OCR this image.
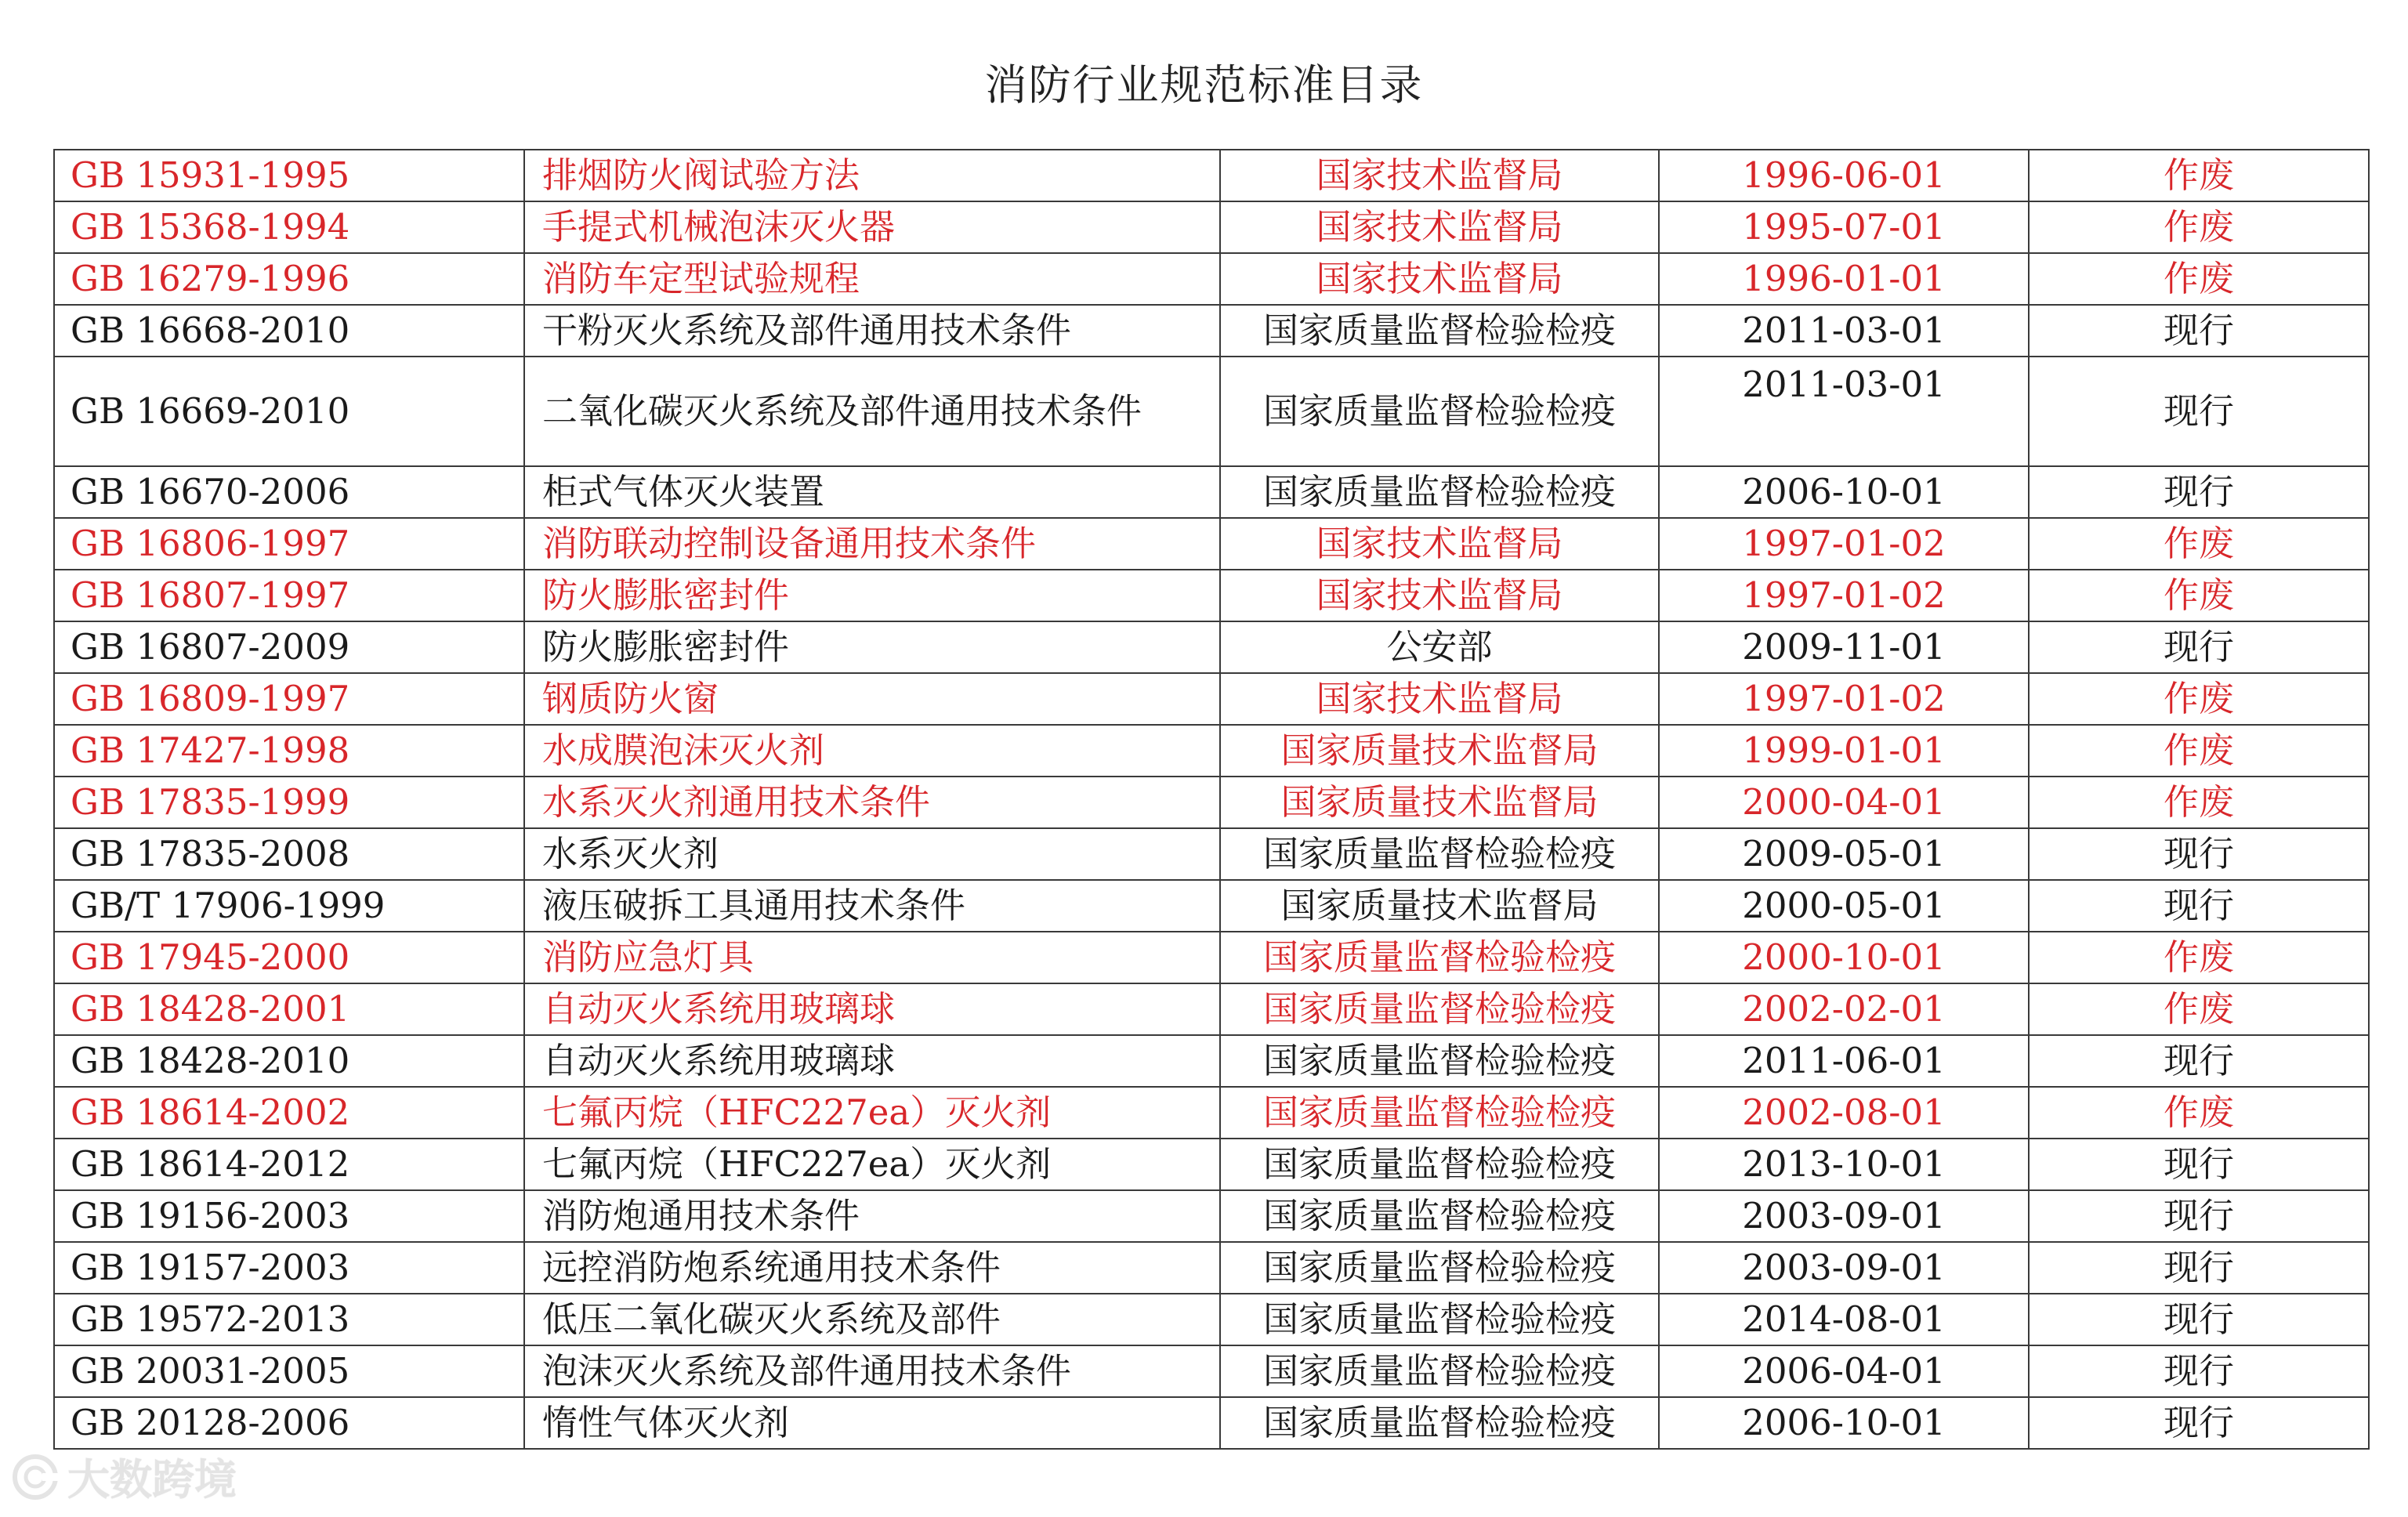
消防行业规范标准目录
GB 15931-1995	排烟防火阀试验方法	国家技术监督局	1996-06-01	作废
GB 15368-1994	手提式机械泡沫灭火器	国家技术监督局	1995-07-01	作废
GB 16279-1996	消防车定型试验规程	国家技术监督局	1996-01-01	作废
GB 16668-2010	干粉灭火系统及部件通用技术条件	国家质量监督检验检疫	2011-03-01	现行
GB 16669-2010	二氧化碳灭火系统及部件通用技术条件	国家质量监督检验检疫	2011-03-01	现行
GB 16670-2006	柜式气体灭火装置	国家质量监督检验检疫	2006-10-01	现行
GB 16806-1997	消防联动控制设备通用技术条件	国家技术监督局	1997-01-02	作废
GB 16807-1997	防火膨胀密封件	国家技术监督局	1997-01-02	作废
GB 16807-2009	防火膨胀密封件	公安部	2009-11-01	现行
GB 16809-1997	钢质防火窗	国家技术监督局	1997-01-02	作废
GB 17427-1998	水成膜泡沫灭火剂	国家质量技术监督局	1999-01-01	作废
GB 17835-1999	水系灭火剂通用技术条件	国家质量技术监督局	2000-04-01	作废
GB 17835-2008	水系灭火剂	国家质量监督检验检疫	2009-05-01	现行
GB/T 17906-1999	液压破拆工具通用技术条件	国家质量技术监督局	2000-05-01	现行
GB 17945-2000	消防应急灯具	国家质量监督检验检疫	2000-10-01	作废
GB 18428-2001	自动灭火系统用玻璃球	国家质量监督检验检疫	2002-02-01	作废
GB 18428-2010	自动灭火系统用玻璃球	国家质量监督检验检疫	2011-06-01	现行
GB 18614-2002	七氟丙烷（HFC227ea）灭火剂	国家质量监督检验检疫	2002-08-01	作废
GB 18614-2012	七氟丙烷（HFC227ea）灭火剂	国家质量监督检验检疫	2013-10-01	现行
GB 19156-2003	消防炮通用技术条件	国家质量监督检验检疫	2003-09-01	现行
GB 19157-2003	远控消防炮系统通用技术条件	国家质量监督检验检疫	2003-09-01	现行
GB 19572-2013	低压二氧化碳灭火系统及部件	国家质量监督检验检疫	2014-08-01	现行
GB 20031-2005	泡沫灭火系统及部件通用技术条件	国家质量监督检验检疫	2006-04-01	现行
GB 20128-2006	惰性气体灭火剂	国家质量监督检验检疫	2006-10-01	现行
大数跨境
